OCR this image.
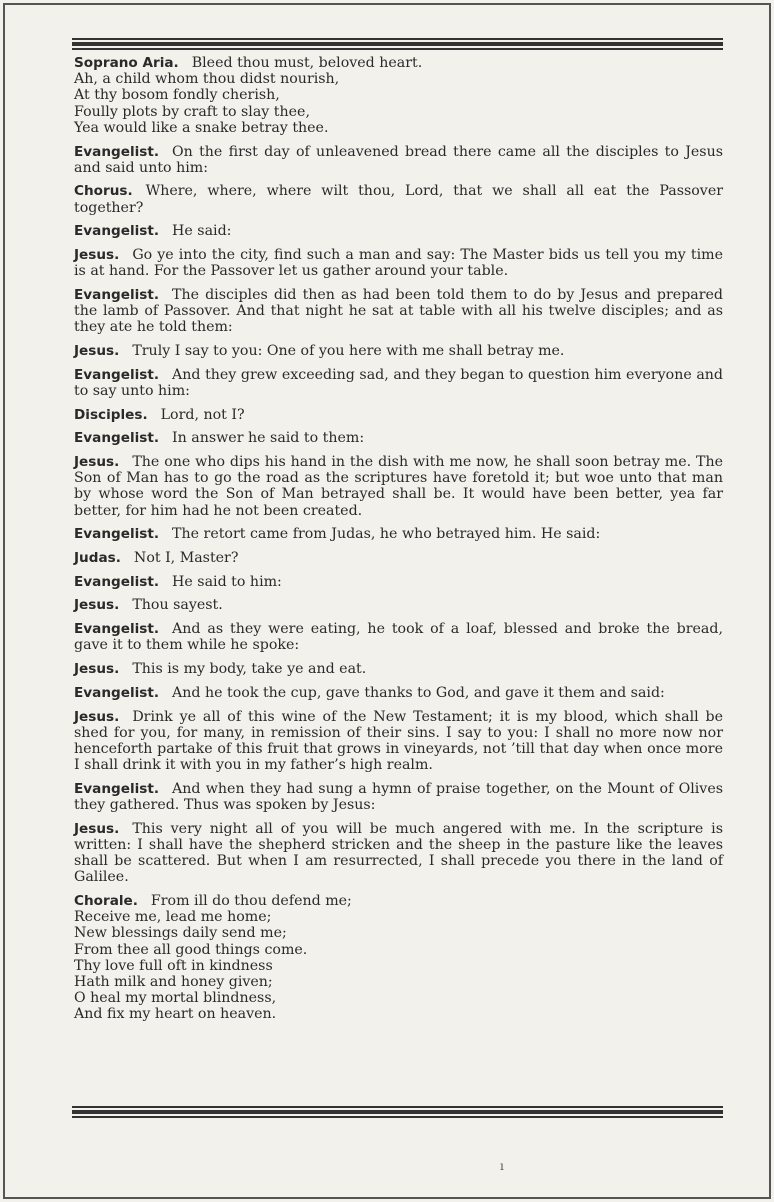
Soprano Aria. Bleed thou must, beloved heart.
Ah, a child whom thou didst nourish,
At thy bosom fondly cherish,
Foully plots by craft to slay thee,
Yea would like a snake betray thee.

Evangelist. On the first day of unleavened bread there came all the disciples to Jesus and said unto him:

Chorus. Where, where, where wilt thou, Lord, that we shall all eat the Passover together?

Evangelist. He said:

Jesus. Go ye into the city, find such a man and say: The Master bids us tell you my time is at hand. For the Passover let us gather around your table.

Evangelist. The disciples did then as had been told them to do by Jesus and prepared the lamb of Passover. And that night he sat at table with all his twelve disciples; and as they ate he told them:

Jesus. Truly I say to you: One of you here with me shall betray me.

Evangelist. And they grew exceeding sad, and they began to question him everyone and to say unto him:

Disciples. Lord, not I?

Evangelist. In answer he said to them:

Jesus. The one who dips his hand in the dish with me now, he shall soon betray me. The Son of Man has to go the road as the scriptures have foretold it; but woe unto that man by whose word the Son of Man betrayed shall be. It would have been better, yea far better, for him had he not been created.

Evangelist. The retort came from Judas, he who betrayed him. He said:

Judas. Not I, Master?

Evangelist. He said to him:

Jesus. Thou sayest.

Evangelist. And as they were eating, he took of a loaf, blessed and broke the bread, gave it to them while he spoke:

Jesus. This is my body, take ye and eat.

Evangelist. And he took the cup, gave thanks to God, and gave it them and said:

Jesus. Drink ye all of this wine of the New Testament; it is my blood, which shall be shed for you, for many, in remission of their sins. I say to you: I shall no more now nor henceforth partake of this fruit that grows in vineyards, not ’till that day when once more I shall drink it with you in my father’s high realm.

Evangelist. And when they had sung a hymn of praise together, on the Mount of Olives they gathered. Thus was spoken by Jesus:

Jesus. This very night all of you will be much angered with me. In the scripture is written: I shall have the shepherd stricken and the sheep in the pasture like the leaves shall be scattered. But when I am resurrected, I shall precede you there in the land of Galilee.

Chorale. From ill do thou defend me;
Receive me, lead me home;
New blessings daily send me;
From thee all good things come.
Thy love full oft in kindness
Hath milk and honey given;
O heal my mortal blindness,
And fix my heart on heaven.

ı
